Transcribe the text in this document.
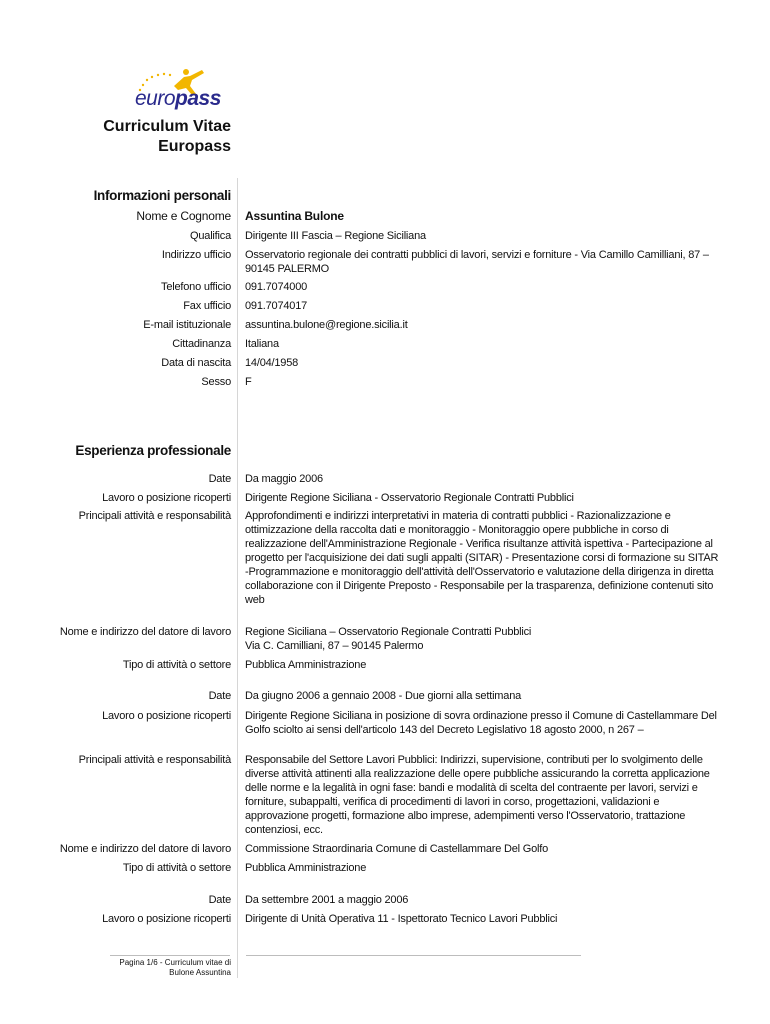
europass
Curriculum Vitae
Europass
Informazioni personali
Nome e Cognome Assuntina Bulone
Qualifica Dirigente III Fascia – Regione Siciliana
Indirizzo ufficio Osservatorio regionale dei contratti pubblici di lavori, servizi e forniture - Via Camillo Camilliani, 87 – 90145 PALERMO
Telefono ufficio 091.7074000
Fax ufficio 091.7074017
E-mail istituzionale assuntina.bulone@regione.sicilia.it
Cittadinanza Italiana
Data di nascita 14/04/1958
Sesso F
Esperienza professionale
Date Da maggio 2006
Lavoro o posizione ricoperti Dirigente Regione Siciliana - Osservatorio Regionale Contratti Pubblici
Principali attività e responsabilità Approfondimenti e indirizzi interpretativi in materia di contratti pubblici - Razionalizzazione e ottimizzazione della raccolta dati e monitoraggio - Monitoraggio opere pubbliche in corso di realizzazione dell'Amministrazione Regionale - Verifica risultanze attività ispettiva - Partecipazione al progetto per l'acquisizione dei dati sugli appalti (SITAR) - Presentazione corsi di formazione su SITAR -Programmazione e monitoraggio dell'attività dell'Osservatorio e valutazione della dirigenza in diretta collaborazione con il Dirigente Preposto - Responsabile per la trasparenza, definizione contenuti sito web
Nome e indirizzo del datore di lavoro Regione Siciliana – Osservatorio Regionale Contratti Pubblici
Via C. Camilliani, 87 – 90145 Palermo
Tipo di attività o settore Pubblica Amministrazione
Date Da giugno 2006 a gennaio 2008 - Due giorni alla settimana
Lavoro o posizione ricoperti Dirigente Regione Siciliana in posizione di sovra ordinazione presso il Comune di Castellammare Del Golfo sciolto ai sensi dell'articolo 143 del Decreto Legislativo 18 agosto 2000, n 267 –
Principali attività e responsabilità Responsabile del Settore Lavori Pubblici: Indirizzi, supervisione, contributi per lo svolgimento delle diverse attività attinenti alla realizzazione delle opere pubbliche assicurando la corretta applicazione delle norme e la legalità in ogni fase: bandi e modalità di scelta del contraente per lavori, servizi e forniture, subappalti, verifica di procedimenti di lavori in corso, progettazioni, validazioni e approvazione progetti, formazione albo imprese, adempimenti verso l'Osservatorio, trattazione contenziosi, ecc.
Nome e indirizzo del datore di lavoro Commissione Straordinaria Comune di Castellammare Del Golfo
Tipo di attività o settore Pubblica Amministrazione
Date Da settembre 2001 a maggio 2006
Lavoro o posizione ricoperti Dirigente di Unità Operativa 11 - Ispettorato Tecnico Lavori Pubblici
Pagina 1/6 - Curriculum vitae di
Bulone Assuntina
